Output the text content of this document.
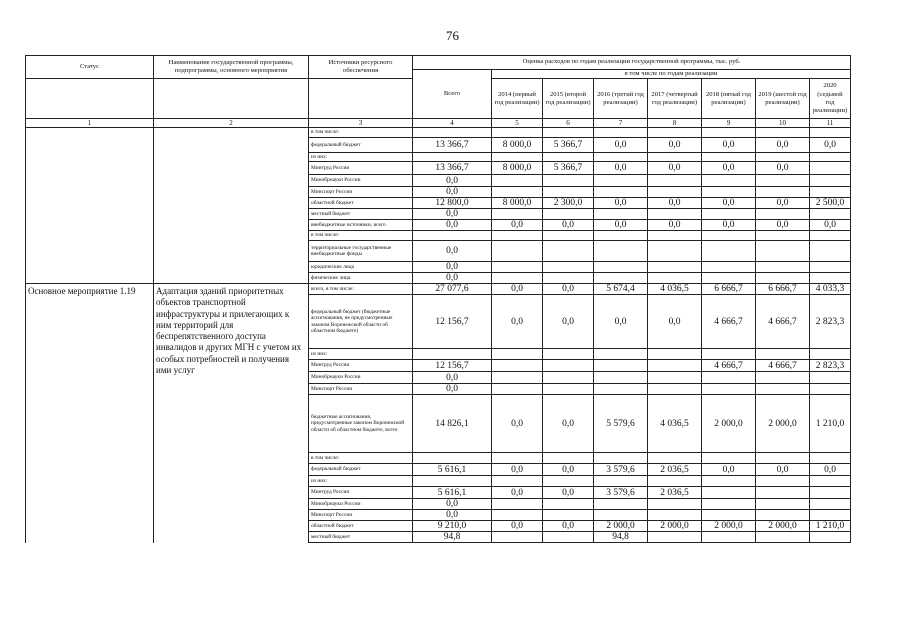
76
Статус	Наименование государственной программы, подпрограммы, основного мероприятия	Источники ресурсного обеспечения	Оценка расходов по годам реализации государственной программы, тыс. руб.							
			Всего	в том числе по годам реализации						
				2014 (первый год реализации)	2015 (второй год реализации)	2016 (третий год реализации)	2017 (четвертый год реализации)	2018 (пятый год реализации)	2019 (шестой год реализации)	2020 (седьмой год реализации)
1	2	3	4	5	6	7	8	9	10	11
		в том числе:								
		федеральный бюджет	13 366,7	8 000,0	5 366,7	0,0	0,0	0,0	0,0	0,0
		из них:								
		Минтруд России	13 366,7	8 000,0	5 366,7	0,0	0,0	0,0	0,0	
		Минобрнауки России	0,0							
		Минспорт России	0,0							
		областной бюджет	12 800,0	8 000,0	2 300,0	0,0	0,0	0,0	0,0	2 500,0
		местный бюджет	0,0							
		внебюджетные источники, всего	0,0	0,0	0,0	0,0	0,0	0,0	0,0	0,0
		в том числе:								
		территориальные государственные внебюджетные фонды	0,0							
		юридические лица	0,0							
		физические лица	0,0							
Основное мероприятие 1.19	Адаптация зданий приоритетных объектов транспортной инфраструктуры и прилегающих к ним территорий для беспрепятственного доступа инвалидов и других МГН с учетом их особых потребностей и получения ими услуг	всего, в том числе:	27 077,6	0,0	0,0	5 674,4	4 036,5	6 666,7	6 666,7	4 033,3
		федеральный бюджет (бюджетные ассигнования, не предусмотренные законом Воронежской области об областном бюджете)	12 156,7	0,0	0,0	0,0	0,0	4 666,7	4 666,7	2 823,3
		из них:								
		Минтруд России	12 156,7					4 666,7	4 666,7	2 823,3
		Минобрнауки России	0,0							
		Минспорт России	0,0							
		бюджетные ассигнования, предусмотренные законом Воронежской области об областном бюджете, всего	14 826,1	0,0	0,0	5 579,6	4 036,5	2 000,0	2 000,0	1 210,0
		в том числе:								
		федеральный бюджет	5 616,1	0,0	0,0	3 579,6	2 036,5	0,0	0,0	0,0
		из них:								
		Минтруд России	5 616,1	0,0	0,0	3 579,6	2 036,5			
		Минобрнауки России	0,0							
		Минспорт России	0,0							
		областной бюджет	9 210,0	0,0	0,0	2 000,0	2 000,0	2 000,0	2 000,0	1 210,0
		местный бюджет	94,8			94,8				
